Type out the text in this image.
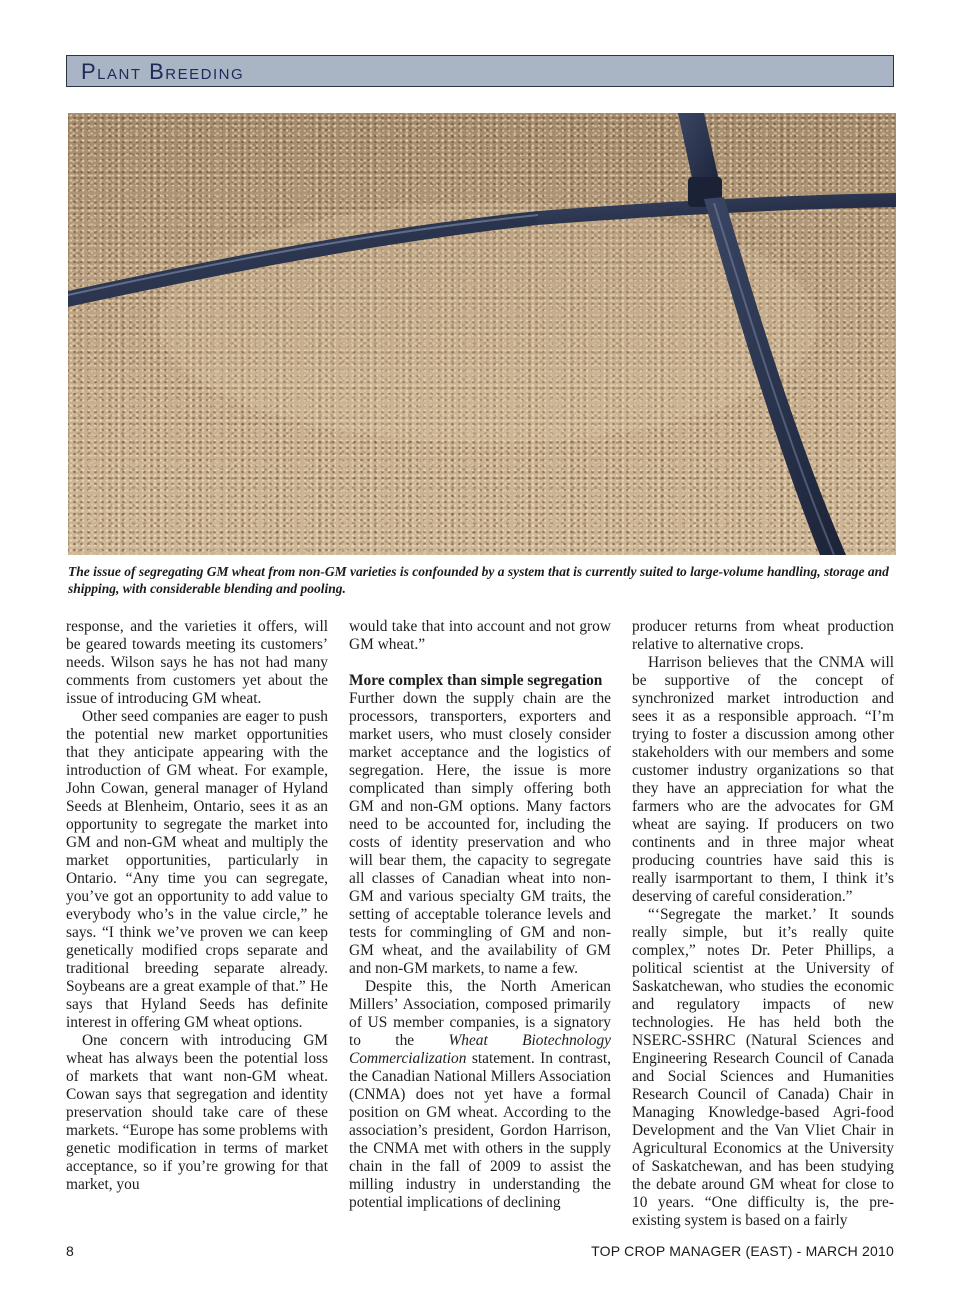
Plant Breeding
The issue of segregating GM wheat from non-GM varieties is confounded by a system that is currently suited to large-volume handling, storage and shipping, with considerable blending and pooling.

response, and the varieties it offers, will be geared towards meeting its customers’ needs. Wilson says he has not had many comments from customers yet about the issue of introducing GM wheat.

Other seed companies are eager to push the potential new market opportunities that they anticipate appearing with the introduction of GM wheat. For example, John Cowan, general manager of Hyland Seeds at Blenheim, Ontario, sees it as an opportunity to segregate the market into GM and non-GM wheat and multiply the market opportunities, particularly in Ontario. “Any time you can segregate, you’ve got an opportunity to add value to everybody who’s in the value circle,” he says. “I think we’ve proven we can keep genetically modified crops separate and traditional breeding separate already. Soybeans are a great example of that.” He says that Hyland Seeds has definite interest in offering GM wheat options.

One concern with introducing GM wheat has always been the potential loss of markets that want non-GM wheat. Cowan says that segregation and identity preservation should take care of these markets. “Europe has some problems with genetic modification in terms of market acceptance, so if you’re growing for that market, you

would take that into account and not grow GM wheat.”

More complex than simple segregation
Further down the supply chain are the processors, transporters, exporters and market users, who must closely consider market acceptance and the logistics of segregation. Here, the issue is more complicated than simply offering both GM and non-GM options. Many factors need to be accounted for, including the costs of identity preservation and who will bear them, the capacity to segregate all classes of Canadian wheat into non-GM and various specialty GM traits, the setting of acceptable tolerance levels and tests for commingling of GM and non-GM wheat, and the availability of GM and non-GM markets, to name a few.

Despite this, the North American Millers’ Association, composed primarily of US member companies, is a signatory to the Wheat Biotechnology Commercialization statement. In contrast, the Canadian National Millers Association (CNMA) does not yet have a formal position on GM wheat. According to the association’s president, Gordon Harrison, the CNMA met with others in the supply chain in the fall of 2009 to assist the milling industry in understanding the potential implications of declining

producer returns from wheat production relative to alternative crops.

Harrison believes that the CNMA will be supportive of the concept of synchronized market introduction and sees it as a responsible approach. “I’m trying to foster a discussion among other stakeholders with our members and some customer industry organizations so that they have an appreciation for what the farmers who are the advocates for GM wheat are saying. If producers on two continents and in three major wheat producing countries have said this is really isarmportant to them, I think it’s deserving of careful consideration.”

“‘Segregate the market.’ It sounds really simple, but it’s really quite complex,” notes Dr. Peter Phillips, a political scientist at the University of Saskatchewan, who studies the economic and regulatory impacts of new technologies. He has held both the NSERC-SSHRC (Natural Sciences and Engineering Research Council of Canada and Social Sciences and Humanities Research Council of Canada) Chair in Managing Knowledge-based Agri-food Development and the Van Vliet Chair in Agricultural Economics at the University of Saskatchewan, and has been studying the debate around GM wheat for close to 10 years. “One difficulty is, the pre-existing system is based on a fairly

8	TOP CROP MANAGER (EAST) - MARCH 2010
